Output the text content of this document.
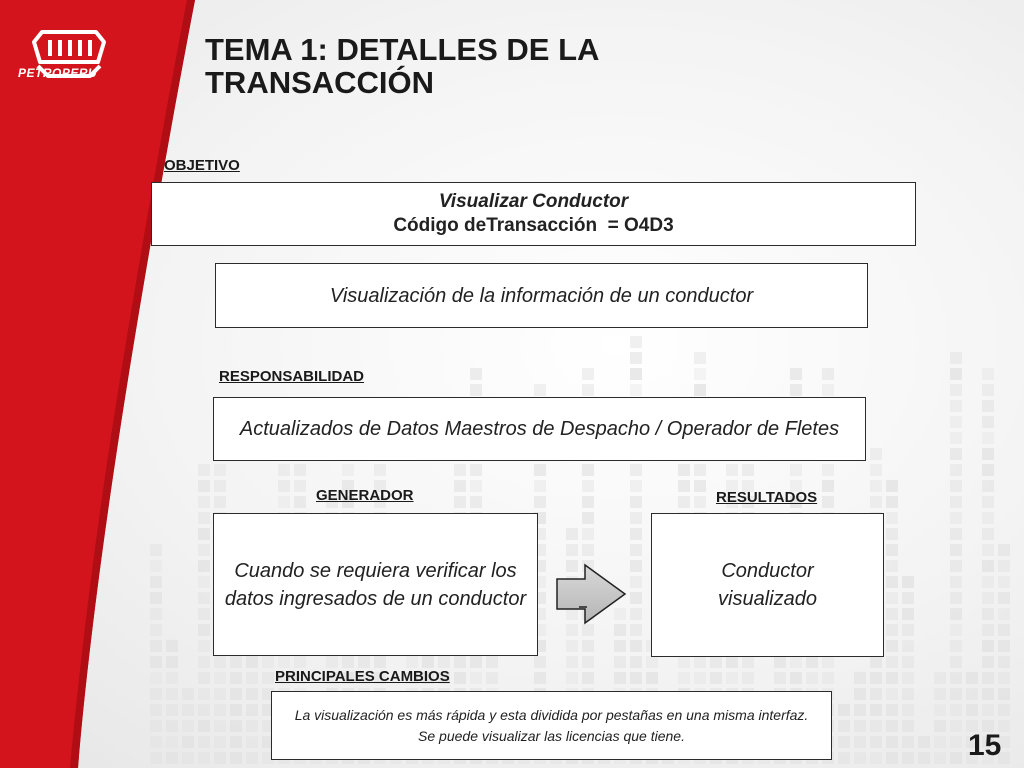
PETROPERU
TEMA 1: DETALLES DE LA TRANSACCIÓN
OBJETIVO
Visualizar Conductor
Código deTransacción  = O4D3
Visualización de la información de un conductor
RESPONSABILIDAD
Actualizados de Datos Maestros de Despacho / Operador de Fletes
GENERADOR	RESULTADOS
Cuando se requiera verificar los datos ingresados de un conductor
Conductor visualizado
PRINCIPALES CAMBIOS
La visualización es más rápida y esta dividida por pestañas en una misma interfaz. Se puede visualizar las licencias que tiene.	15
